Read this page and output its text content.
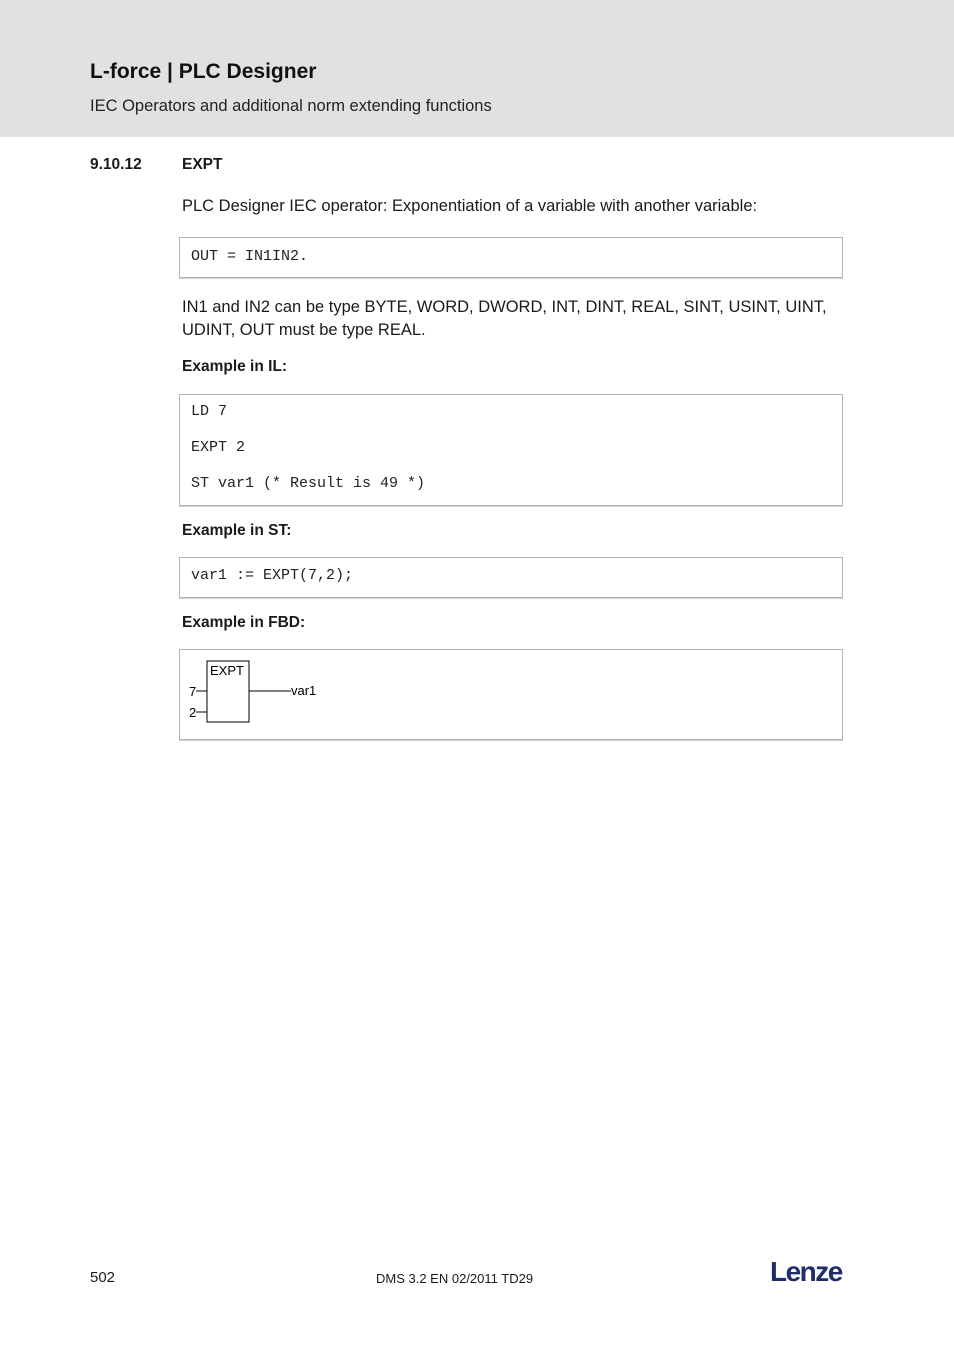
L-force | PLC Designer
IEC Operators and additional norm extending functions
9.10.12	EXPT
PLC Designer IEC operator: Exponentiation of a variable with another variable:
OUT = IN1IN2.
IN1 and IN2 can be type BYTE, WORD, DWORD, INT, DINT, REAL, SINT, USINT, UINT, UDINT, OUT must be type REAL.
Example in IL:
LD 7
EXPT 2
ST var1 (* Result is 49 *)
Example in ST:
var1 := EXPT(7,2);
Example in FBD:
EXPT
7
2
var1
502	DMS 3.2 EN 02/2011 TD29	Lenze
